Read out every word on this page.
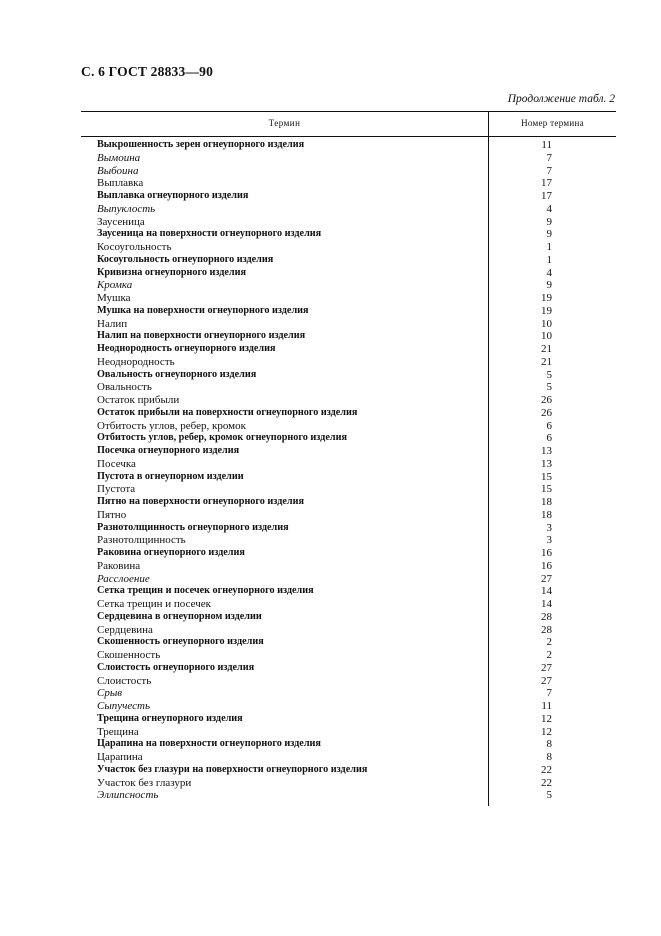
С. 6 ГОСТ 28833—90
Продолжение табл. 2
Термин	Номер термина
Выкрошенность зерен огнеупорного изделия	11
Вымоина	7
Выбоина	7
Выплавка	17
Выплавка огнеупорного изделия	17
Выпуклость	4
Заусеница	9
Заусеница на поверхности огнеупорного изделия	9
Косоугольность	1
Косоугольность огнеупорного изделия	1
Кривизна огнеупорного изделия	4
Кромка	9
Мушка	19
Мушка на поверхности огнеупорного изделия	19
Налип	10
Налип на поверхности огнеупорного изделия	10
Неоднородность огнеупорного изделия	21
Неоднородность	21
Овальность огнеупорного изделия	5
Овальность	5
Остаток прибыли	26
Остаток прибыли на поверхности огнеупорного изделия	26
Отбитость углов, ребер, кромок	6
Отбитость углов, ребер, кромок огнеупорного изделия	6
Посечка огнеупорного изделия	13
Посечка	13
Пустота в огнеупорном изделии	15
Пустота	15
Пятно на поверхности огнеупорного изделия	18
Пятно	18
Разнотолщинность огнеупорного изделия	3
Разнотолщинность	3
Раковина огнеупорного изделия	16
Раковина	16
Расслоение	27
Сетка трещин и посечек огнеупорного изделия	14
Сетка трещин и посечек	14
Сердцевина в огнеупорном изделии	28
Сердцевина	28
Скошенность огнеупорного изделия	2
Скошенность	2
Слоистость огнеупорного изделия	27
Слоистость	27
Срыв	7
Сыпучесть	11
Трещина огнеупорного изделия	12
Трещина	12
Царапина на поверхности огнеупорного изделия	8
Царапина	8
Участок без глазури на поверхности огнеупорного изделия	22
Участок без глазури	22
Эллипсность	5
